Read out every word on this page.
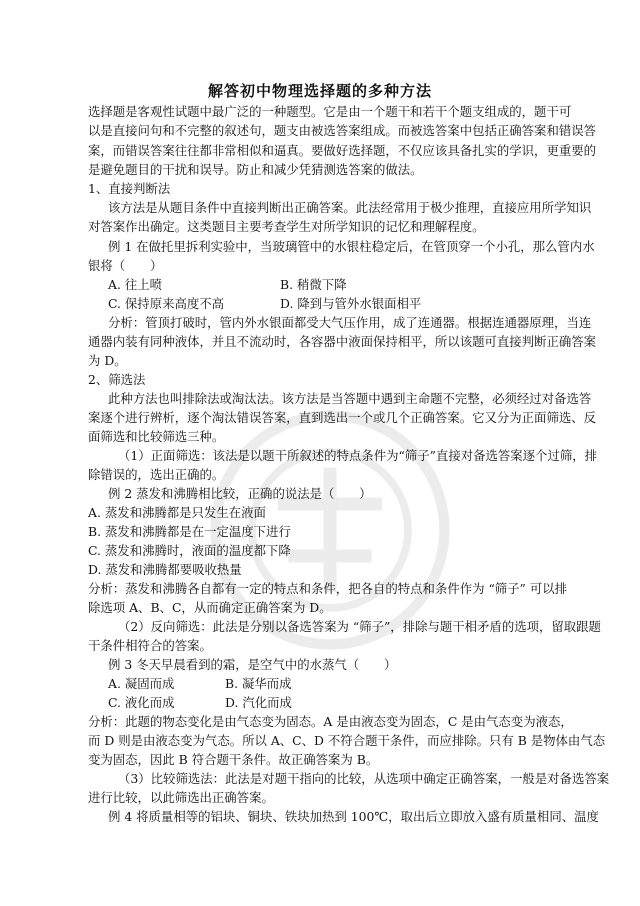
解答初中物理选择题的多种方法
选择题是客观性试题中最广泛的一种题型。它是由一个题干和若干个题支组成的，题干可
以是直接问句和不完整的叙述句，题支由被选答案组成。而被选答案中包括正确答案和错误答
案，而错误答案往往都非常相似和逼真。要做好选择题，不仅应该具备扎实的学识，更重要的
是避免题目的干扰和误导。防止和减少凭猜测选答案的做法。
1、直接判断法
该方法是从题目条件中直接判断出正确答案。此法经常用于极少推理，直接应用所学知识
对答案作出确定。这类题目主要考查学生对所学知识的记忆和理解程度。
例 1 在做托里拆利实验中，当玻璃管中的水银柱稳定后，在管顶穿一个小孔，那么管内水
银将（　　）
A. 往上喷	B. 稍微下降
C. 保持原来高度不高	D. 降到与管外水银面相平
分析：管顶打破时，管内外水银面都受大气压作用，成了连通器。根据连通器原理，当连
通器内装有同种液体，并且不流动时，各容器中液面保持相平，所以该题可直接判断正确答案
为 D。
2、筛选法
此种方法也叫排除法或淘汰法。该方法是当答题中遇到主命题不完整，必须经过对备选答
案逐个进行辨析，逐个淘汰错误答案，直到选出一个或几个正确答案。它又分为正面筛选、反
面筛选和比较筛选三种。
（1）正面筛选：该法是以题干所叙述的特点条件为“筛子”直接对备选答案逐个过筛，排
除错误的，选出正确的。
例 2 蒸发和沸腾相比较，正确的说法是（　　）
A. 蒸发和沸腾都是只发生在液面
B. 蒸发和沸腾都是在一定温度下进行
C. 蒸发和沸腾时，液面的温度都下降
D. 蒸发和沸腾都要吸收热量
分析：蒸发和沸腾各自都有一定的特点和条件，把各自的特点和条件作为 “筛子” 可以排
除选项 A、B、C，从而确定正确答案为 D。
（2）反向筛选：此法是分别以备选答案为 “筛子”，排除与题干相矛盾的选项，留取跟题
干条件相符合的答案。
例 3 冬天早晨看到的霜，是空气中的水蒸气（　　）
A. 凝固而成	B. 凝华而成
C. 液化而成	D. 汽化而成
分析：此题的物态变化是由气态变为固态。A 是由液态变为固态，C 是由气态变为液态，
而 D 则是由液态变为气态。所以 A、C、D 不符合题干条件，而应排除。只有 B 是物体由气态
变为固态，因此 B 符合题干条件。故正确答案为 B。
（3）比较筛选法：此法是对题干指向的比较，从选项中确定正确答案，一般是对备选答案
进行比较，以此筛选出正确答案。
例 4 将质量相等的铝块、铜块、铁块加热到 100℃，取出后立即放入盛有质量相同、温度
